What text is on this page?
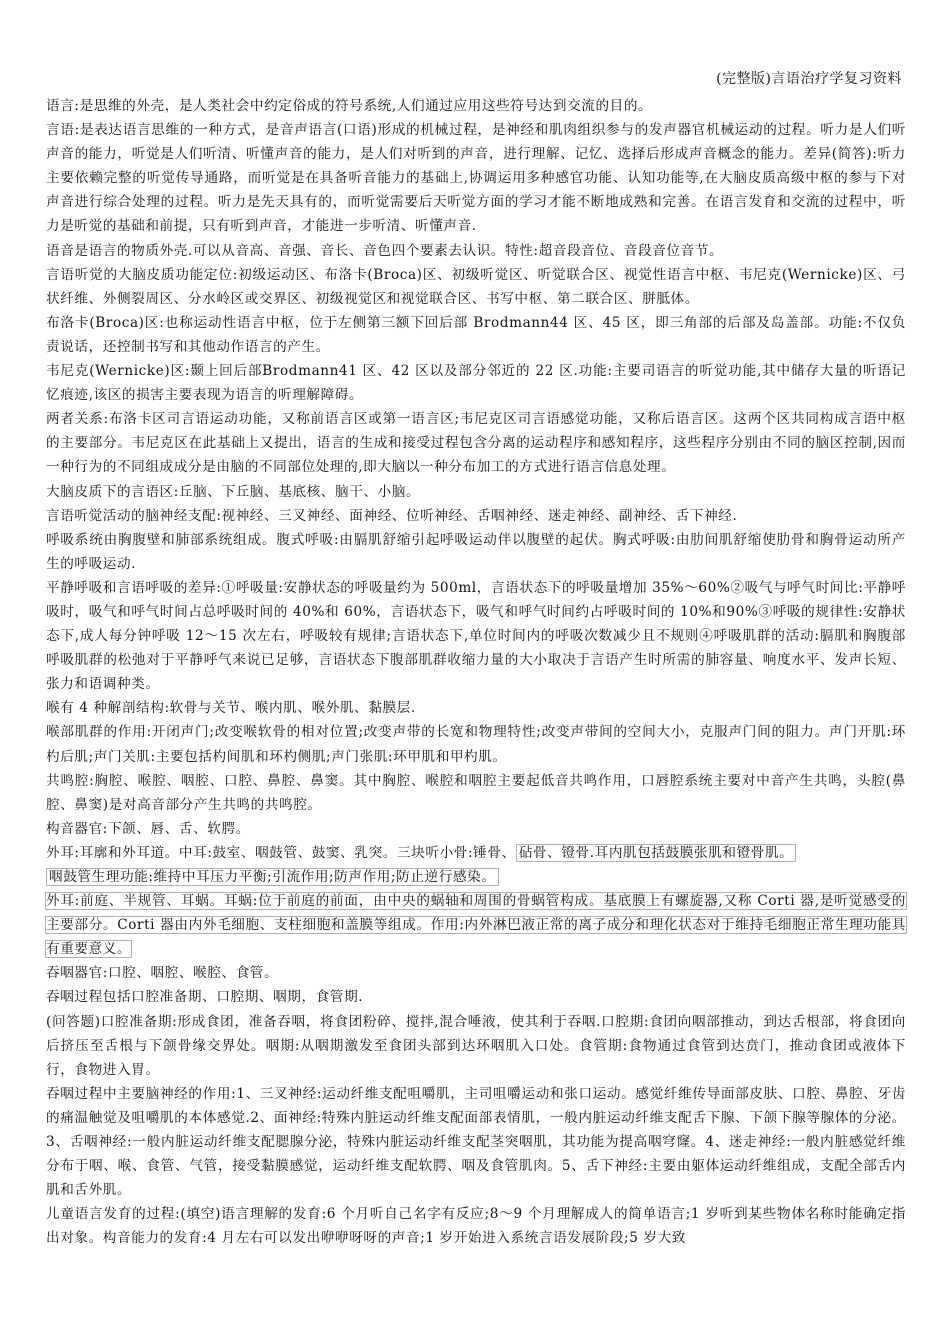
(完整版)言语治疗学复习资料

语言:是思维的外壳，是人类社会中约定俗成的符号系统,人们通过应用这些符号达到交流的目的。

言语:是表达语言思维的一种方式，是音声语言(口语)形成的机械过程，是神经和肌肉组织参与的发声器官机械运动的过程。听力是人们听声音的能力，听觉是人们听清、听懂声音的能力，是人们对听到的声音，进行理解、记忆、选择后形成声音概念的能力。差异(简答):听力主要依赖完整的听觉传导通路，而听觉是在具备听音能力的基础上,协调运用多种感官功能、认知功能等,在大脑皮质高级中枢的参与下对声音进行综合处理的过程。听力是先天具有的，而听觉需要后天听觉方面的学习才能不断地成熟和完善。在语言发育和交流的过程中，听力是听觉的基础和前提，只有听到声音，才能进一步听清、听懂声音.

语音是语言的物质外壳.可以从音高、音强、音长、音色四个要素去认识。特性:超音段音位、音段音位音节。

言语听觉的大脑皮质功能定位:初级运动区、布洛卡(Broca)区、初级听觉区、听觉联合区、视觉性语言中枢、韦尼克(Wernicke)区、弓状纤维、外侧裂周区、分水岭区或交界区、初级视觉区和视觉联合区、书写中枢、第二联合区、胼胝体。

布洛卡(Broca)区:也称运动性语言中枢，位于左侧第三额下回后部 Brodmann44 区、45 区，即三角部的后部及岛盖部。功能:不仅负责说话，还控制书写和其他动作语言的产生。

韦尼克(Wernicke)区:颞上回后部Brodmann41 区、42 区以及部分邻近的 22 区.功能:主要司语言的听觉功能,其中储存大量的听语记忆痕迹,该区的损害主要表现为语言的听理解障碍。

两者关系:布洛卡区司言语运动功能，又称前语言区或第一语言区;韦尼克区司言语感觉功能，又称后语言区。这两个区共同构成言语中枢的主要部分。韦尼克区在此基础上又提出，语言的生成和接受过程包含分离的运动程序和感知程序，这些程序分别由不同的脑区控制,因而一种行为的不同组成成分是由脑的不同部位处理的,即大脑以一种分布加工的方式进行语言信息处理。

大脑皮质下的言语区:丘脑、下丘脑、基底核、脑干、小脑。

言语听觉活动的脑神经支配:视神经、三叉神经、面神经、位听神经、舌咽神经、迷走神经、副神经、舌下神经.

呼吸系统由胸腹壁和肺部系统组成。腹式呼吸:由膈肌舒缩引起呼吸运动伴以腹壁的起伏。胸式呼吸:由肋间肌舒缩使肋骨和胸骨运动所产生的呼吸运动.

平静呼吸和言语呼吸的差异:①呼吸量:安静状态的呼吸量约为 500ml，言语状态下的呼吸量增加 35%～60%②吸气与呼气时间比:平静呼吸时，吸气和呼气时间占总呼吸时间的 40%和 60%，言语状态下，吸气和呼气时间约占呼吸时间的 10%和90%③呼吸的规律性:安静状态下,成人每分钟呼吸 12～15 次左右，呼吸较有规律;言语状态下,单位时间内的呼吸次数减少且不规则④呼吸肌群的活动:膈肌和胸腹部呼吸肌群的松弛对于平静呼气来说已足够，言语状态下腹部肌群收缩力量的大小取决于言语产生时所需的肺容量、响度水平、发声长短、张力和语调种类。

喉有 4 种解剖结构:软骨与关节、喉内肌、喉外肌、黏膜层.

喉部肌群的作用:开闭声门;改变喉软骨的相对位置;改变声带的长宽和物理特性;改变声带间的空间大小，克服声门间的阻力。声门开肌:环杓后肌;声门关肌:主要包括杓间肌和环杓侧肌;声门张肌:环甲肌和甲杓肌。

共鸣腔:胸腔、喉腔、咽腔、口腔、鼻腔、鼻窦。其中胸腔、喉腔和咽腔主要起低音共鸣作用，口唇腔系统主要对中音产生共鸣，头腔(鼻腔、鼻窦)是对高音部分产生共鸣的共鸣腔。

构音器官:下颌、唇、舌、软腭。

外耳:耳廓和外耳道。中耳:鼓室、咽鼓管、鼓窦、乳突。三块听小骨:锤骨、 砧骨、镫骨.耳内肌包括鼓膜张肌和镫骨肌。

咽鼓管生理功能:维持中耳压力平衡;引流作用;防声作用;防止逆行感染。

外耳:前庭、半规管、耳蜗。耳蜗:位于前庭的前面，由中央的蜗轴和周围的骨蜗管构成。基底膜上有螺旋器,又称 Corti 器,是听觉感受的主要部分。Corti 器由内外毛细胞、支柱细胞和盖膜等组成。作用:内外淋巴液正常的离子成分和理化状态对于维持毛细胞正常生理功能具有重要意义。

吞咽器官:口腔、咽腔、喉腔、食管。

吞咽过程包括口腔准备期、口腔期、咽期，食管期.

(问答题)口腔准备期:形成食团，准备吞咽，将食团粉碎、搅拌,混合唾液，使其利于吞咽.口腔期:食团向咽部推动，到达舌根部，将食团向后挤压至舌根与下颌骨缘交界处。咽期:从咽期激发至食团头部到达环咽肌入口处。食管期:食物通过食管到达贲门，推动食团或液体下行，食物进入胃。

吞咽过程中主要脑神经的作用:1、三叉神经:运动纤维支配咀嚼肌，主司咀嚼运动和张口运动。感觉纤维传导面部皮肤、口腔、鼻腔、牙齿的痛温触觉及咀嚼肌的本体感觉.2、面神经:特殊内脏运动纤维支配面部表情肌，一般内脏运动纤维支配舌下腺、下颌下腺等腺体的分泌。3、舌咽神经:一般内脏运动纤维支配腮腺分泌，特殊内脏运动纤维支配茎突咽肌，其功能为提高咽穹窿。4、迷走神经:一般内脏感觉纤维分布于咽、喉、食管、气管，接受黏膜感觉，运动纤维支配软腭、咽及食管肌肉。5、舌下神经:主要由躯体运动纤维组成，支配全部舌内肌和舌外肌。

儿童语言发育的过程:(填空)语言理解的发育:6 个月听自己名字有反应;8～9 个月理解成人的简单语言;1 岁听到某些物体名称时能确定指出对象。构音能力的发育:4 月左右可以发出咿咿呀呀的声音;1 岁开始进入系统言语发展阶段;5 岁大致
